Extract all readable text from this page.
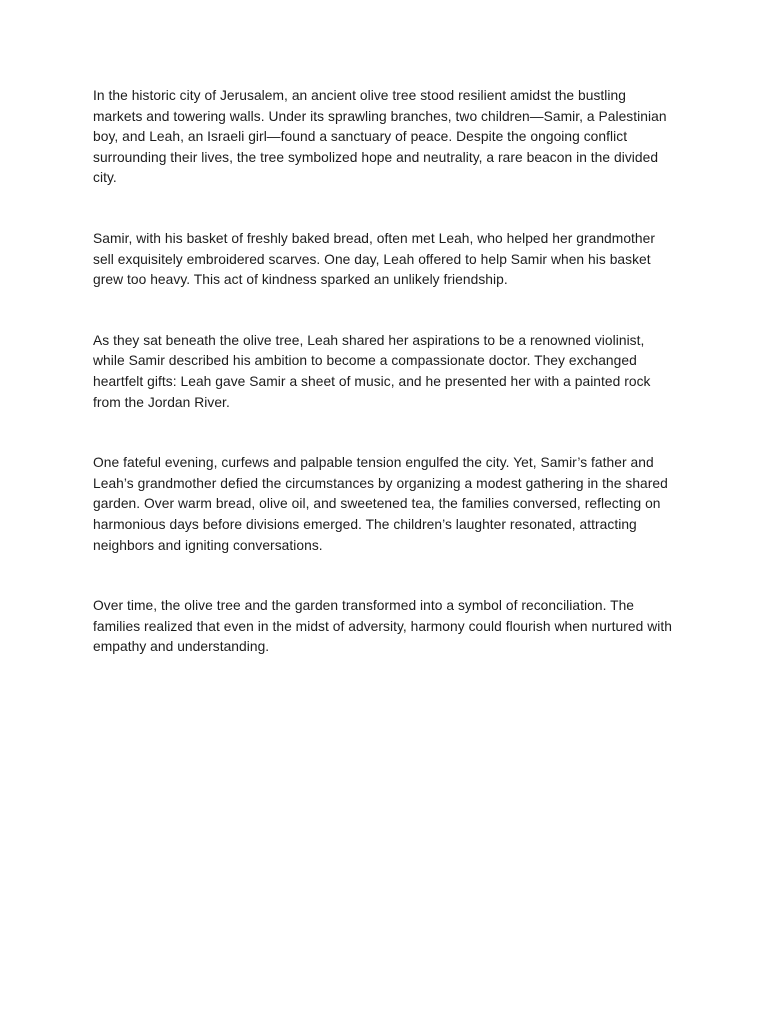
In the historic city of Jerusalem, an ancient olive tree stood resilient amidst the bustling markets and towering walls. Under its sprawling branches, two children—Samir, a Palestinian boy, and Leah, an Israeli girl—found a sanctuary of peace. Despite the ongoing conflict surrounding their lives, the tree symbolized hope and neutrality, a rare beacon in the divided city.

Samir, with his basket of freshly baked bread, often met Leah, who helped her grandmother sell exquisitely embroidered scarves. One day, Leah offered to help Samir when his basket grew too heavy. This act of kindness sparked an unlikely friendship.

As they sat beneath the olive tree, Leah shared her aspirations to be a renowned violinist, while Samir described his ambition to become a compassionate doctor. They exchanged heartfelt gifts: Leah gave Samir a sheet of music, and he presented her with a painted rock from the Jordan River.

One fateful evening, curfews and palpable tension engulfed the city. Yet, Samir’s father and Leah’s grandmother defied the circumstances by organizing a modest gathering in the shared garden. Over warm bread, olive oil, and sweetened tea, the families conversed, reflecting on harmonious days before divisions emerged. The children’s laughter resonated, attracting neighbors and igniting conversations.

Over time, the olive tree and the garden transformed into a symbol of reconciliation. The families realized that even in the midst of adversity, harmony could flourish when nurtured with empathy and understanding.
